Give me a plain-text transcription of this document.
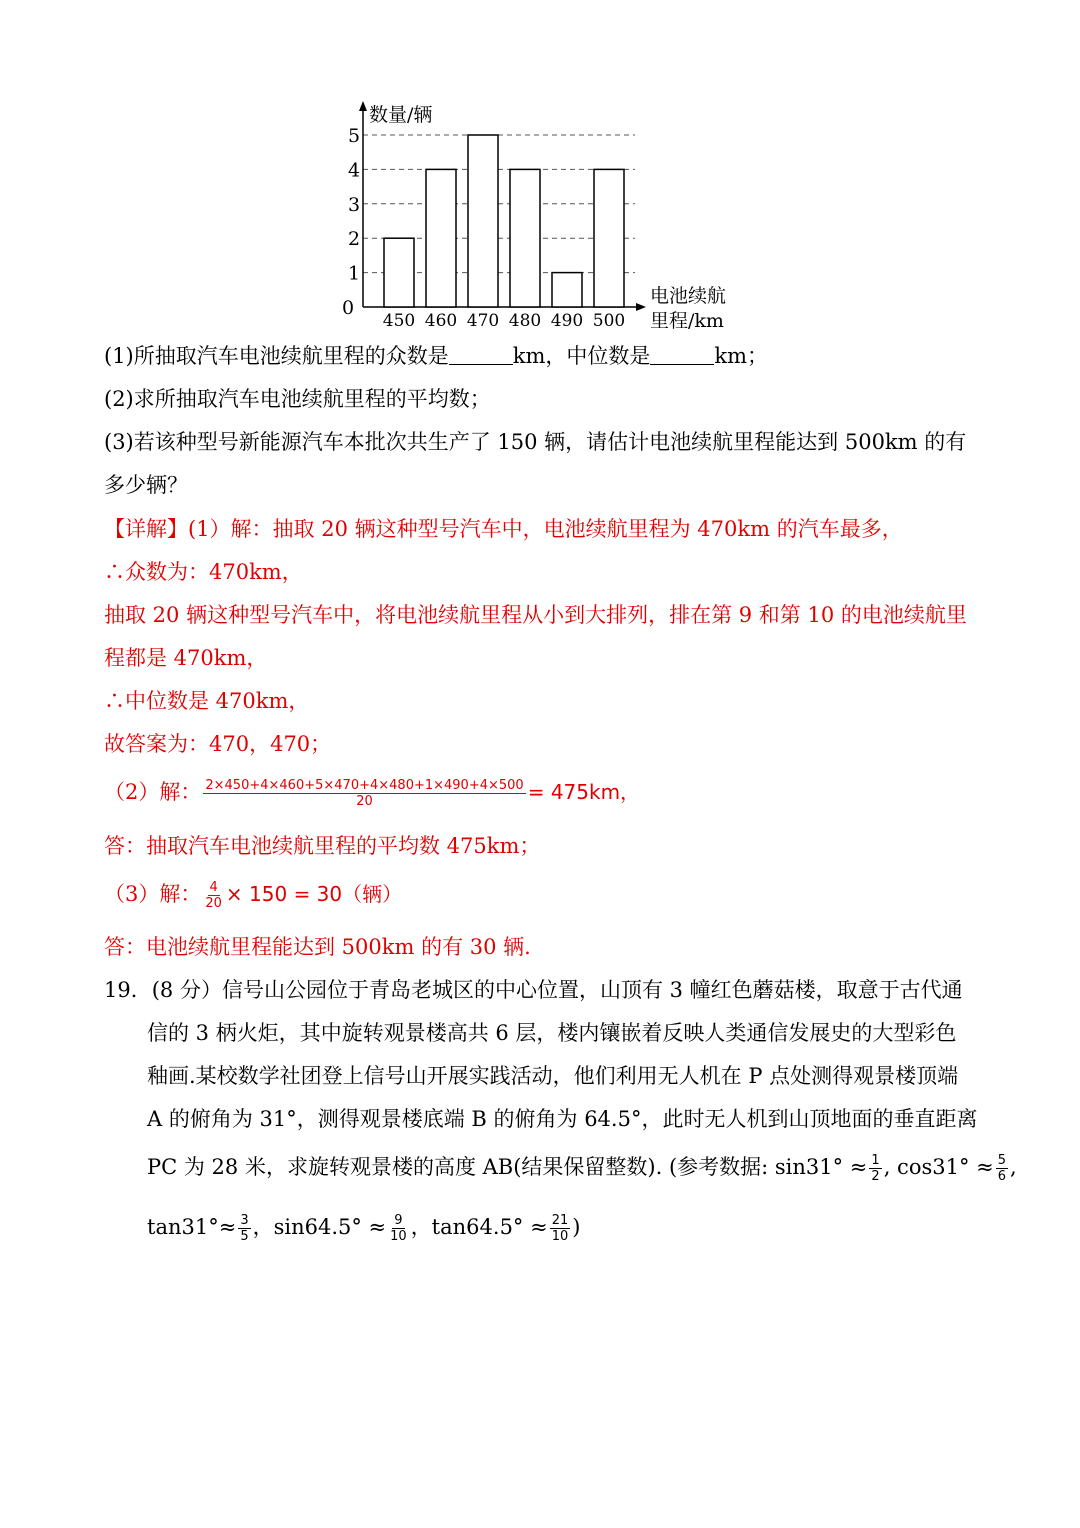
0
1
2
3
4
5
450 460 470 480 490 500
数量/辆
电池续航
里程/km
(1)所抽取汽车电池续航里程的众数是	km，中位数是	km；
(2)求所抽取汽车电池续航里程的平均数；
(3)若该种型号新能源汽车本批次共生产了 150 辆，请估计电池续航里程能达到 500km 的有
多少辆？
【详解】(1）解：抽取 20 辆这种型号汽车中，电池续航里程为 470km 的汽车最多，
∴众数为：470km，
抽取 20 辆这种型号汽车中，将电池续航里程从小到大排列，排在第 9 和第 10 的电池续航里
程都是 470km，
∴中位数是 470km，
故答案为：470，470；
（2）解： $\frac{2\times 450+4\times 460+5\times 470+4\times 480+1\times 490+4\times 500}{20} = 475km$，
答：抽取汽车电池续航里程的平均数 475km；
（3）解： $\frac{4}{20} \times 150 = 30$（辆）
答：电池续航里程能达到 500km 的有 30 辆.
19．(8 分）信号山公园位于青岛老城区的中心位置，山顶有 3 幢红色蘑菇楼，取意于古代通
信的 3 柄火炬，其中旋转观景楼高共 6 层，楼内镶嵌着反映人类通信发展史的大型彩色
釉画.某校数学社团登上信号山开展实践活动，他们利用无人机在 P 点处测得观景楼顶端
A 的俯角为 31°，测得观景楼底端 B 的俯角为 64.5°，此时无人机到山顶地面的垂直距离
PC 为 28 米，求旋转观景楼的高度 AB(结果保留整数). (参考数据: $\sin 31^\circ \approx \frac{1}{2}$ , $\cos 31^\circ \approx \frac{5}{6}$ ,
$\tan 31^\circ\approx \frac{3}{5}$ ，$\sin 64.5^\circ \approx \frac{9}{10}$ ，$\tan 64.5^\circ \approx \frac{21}{10}$ )
